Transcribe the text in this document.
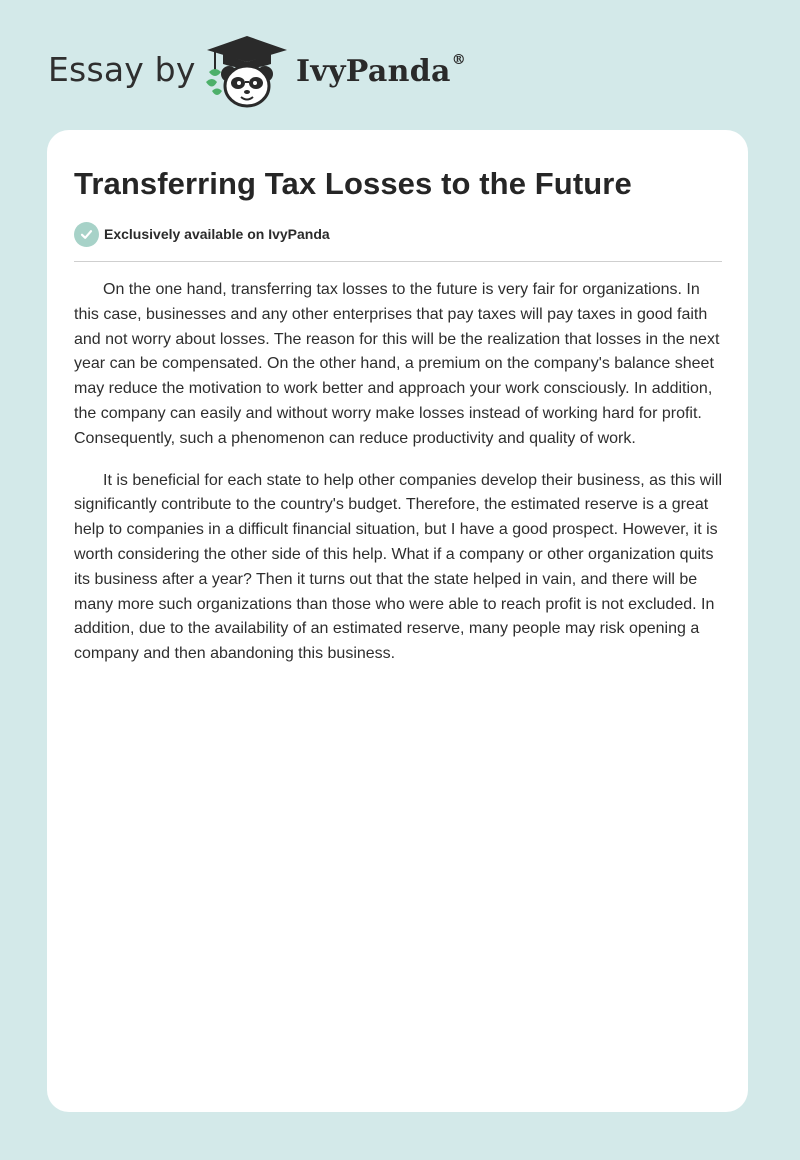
Essay by	IvyPanda®
Transferring Tax Losses to the Future
Exclusively available on IvyPanda

On the one hand, transferring tax losses to the future is very fair for organizations. In this case, businesses and any other enterprises that pay taxes will pay taxes in good faith and not worry about losses. The reason for this will be the realization that losses in the next year can be compensated. On the other hand, a premium on the company's balance sheet may reduce the motivation to work better and approach your work consciously. In addition, the company can easily and without worry make losses instead of working hard for profit. Consequently, such a phenomenon can reduce productivity and quality of work.

It is beneficial for each state to help other companies develop their business, as this will significantly contribute to the country's budget. Therefore, the estimated reserve is a great help to companies in a difficult financial situation, but I have a good prospect. However, it is worth considering the other side of this help. What if a company or other organization quits its business after a year? Then it turns out that the state helped in vain, and there will be many more such organizations than those who were able to reach profit is not excluded. In addition, due to the availability of an estimated reserve, many people may risk opening a company and then abandoning this business.
